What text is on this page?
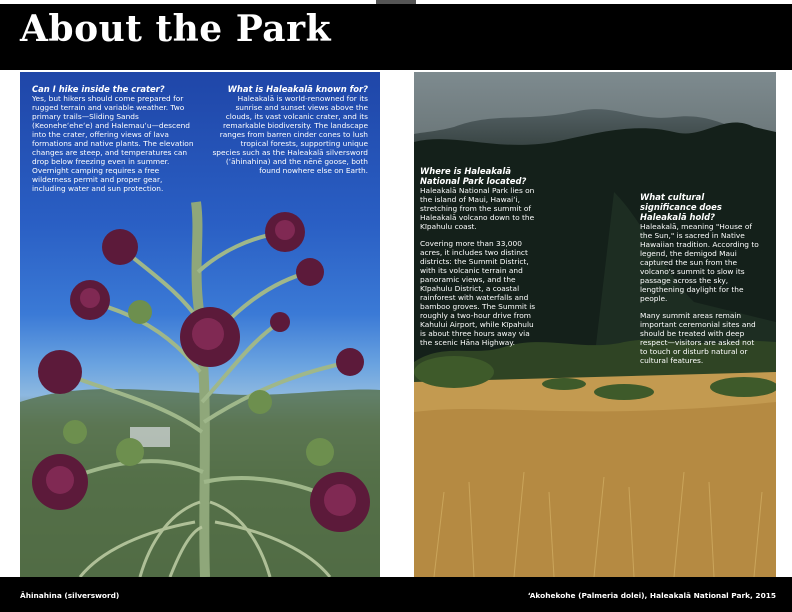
About the Park
Can I hike inside the crater?

Yes, but hikers should come prepared for rugged terrain and variable weather. Two primary trails—Sliding Sands (Keoneheʻeheʻe) and Halemauʻu—descend into the crater, offering views of lava formations and native plants. The elevation changes are steep, and temperatures can drop below freezing even in summer. Overnight camping requires a free wilderness permit and proper gear, including water and sun protection.

What is Haleakalā known for?

Haleakalā is world-renowned for its sunrise and sunset views above the clouds, its vast volcanic crater, and its remarkable biodiversity. The landscape ranges from barren cinder cones to lush tropical forests, supporting unique species such as the Haleakalā silversword (ʻāhinahina) and the nēnē goose, both found nowhere else on Earth.	Where is Haleakalā National Park located?

Haleakalā National Park lies on the island of Maui, Hawaiʻi, stretching from the summit of Haleakalā volcano down to the Kīpahulu coast.

Covering more than 33,000 acres, it includes two distinct districts: the Summit District, with its volcanic terrain and panoramic views, and the Kīpahulu District, a coastal rainforest with waterfalls and bamboo groves. The Summit is roughly a two-hour drive from Kahului Airport, while Kīpahulu is about three hours away via the scenic Hāna Highway.

What cultural significance does Haleakalā hold?

Haleakalā, meaning "House of the Sun," is sacred in Native Hawaiian tradition. According to legend, the demigod Maui captured the sun from the volcano's summit to slow its passage across the sky, lengthening daylight for the people.

Many summit areas remain important ceremonial sites and should be treated with deep respect—visitors are asked not to touch or disturb natural or cultural features.

Āhinahina (silversword)	ʻAkohekohe (Palmeria dolei), Haleakalā National Park, 2015
